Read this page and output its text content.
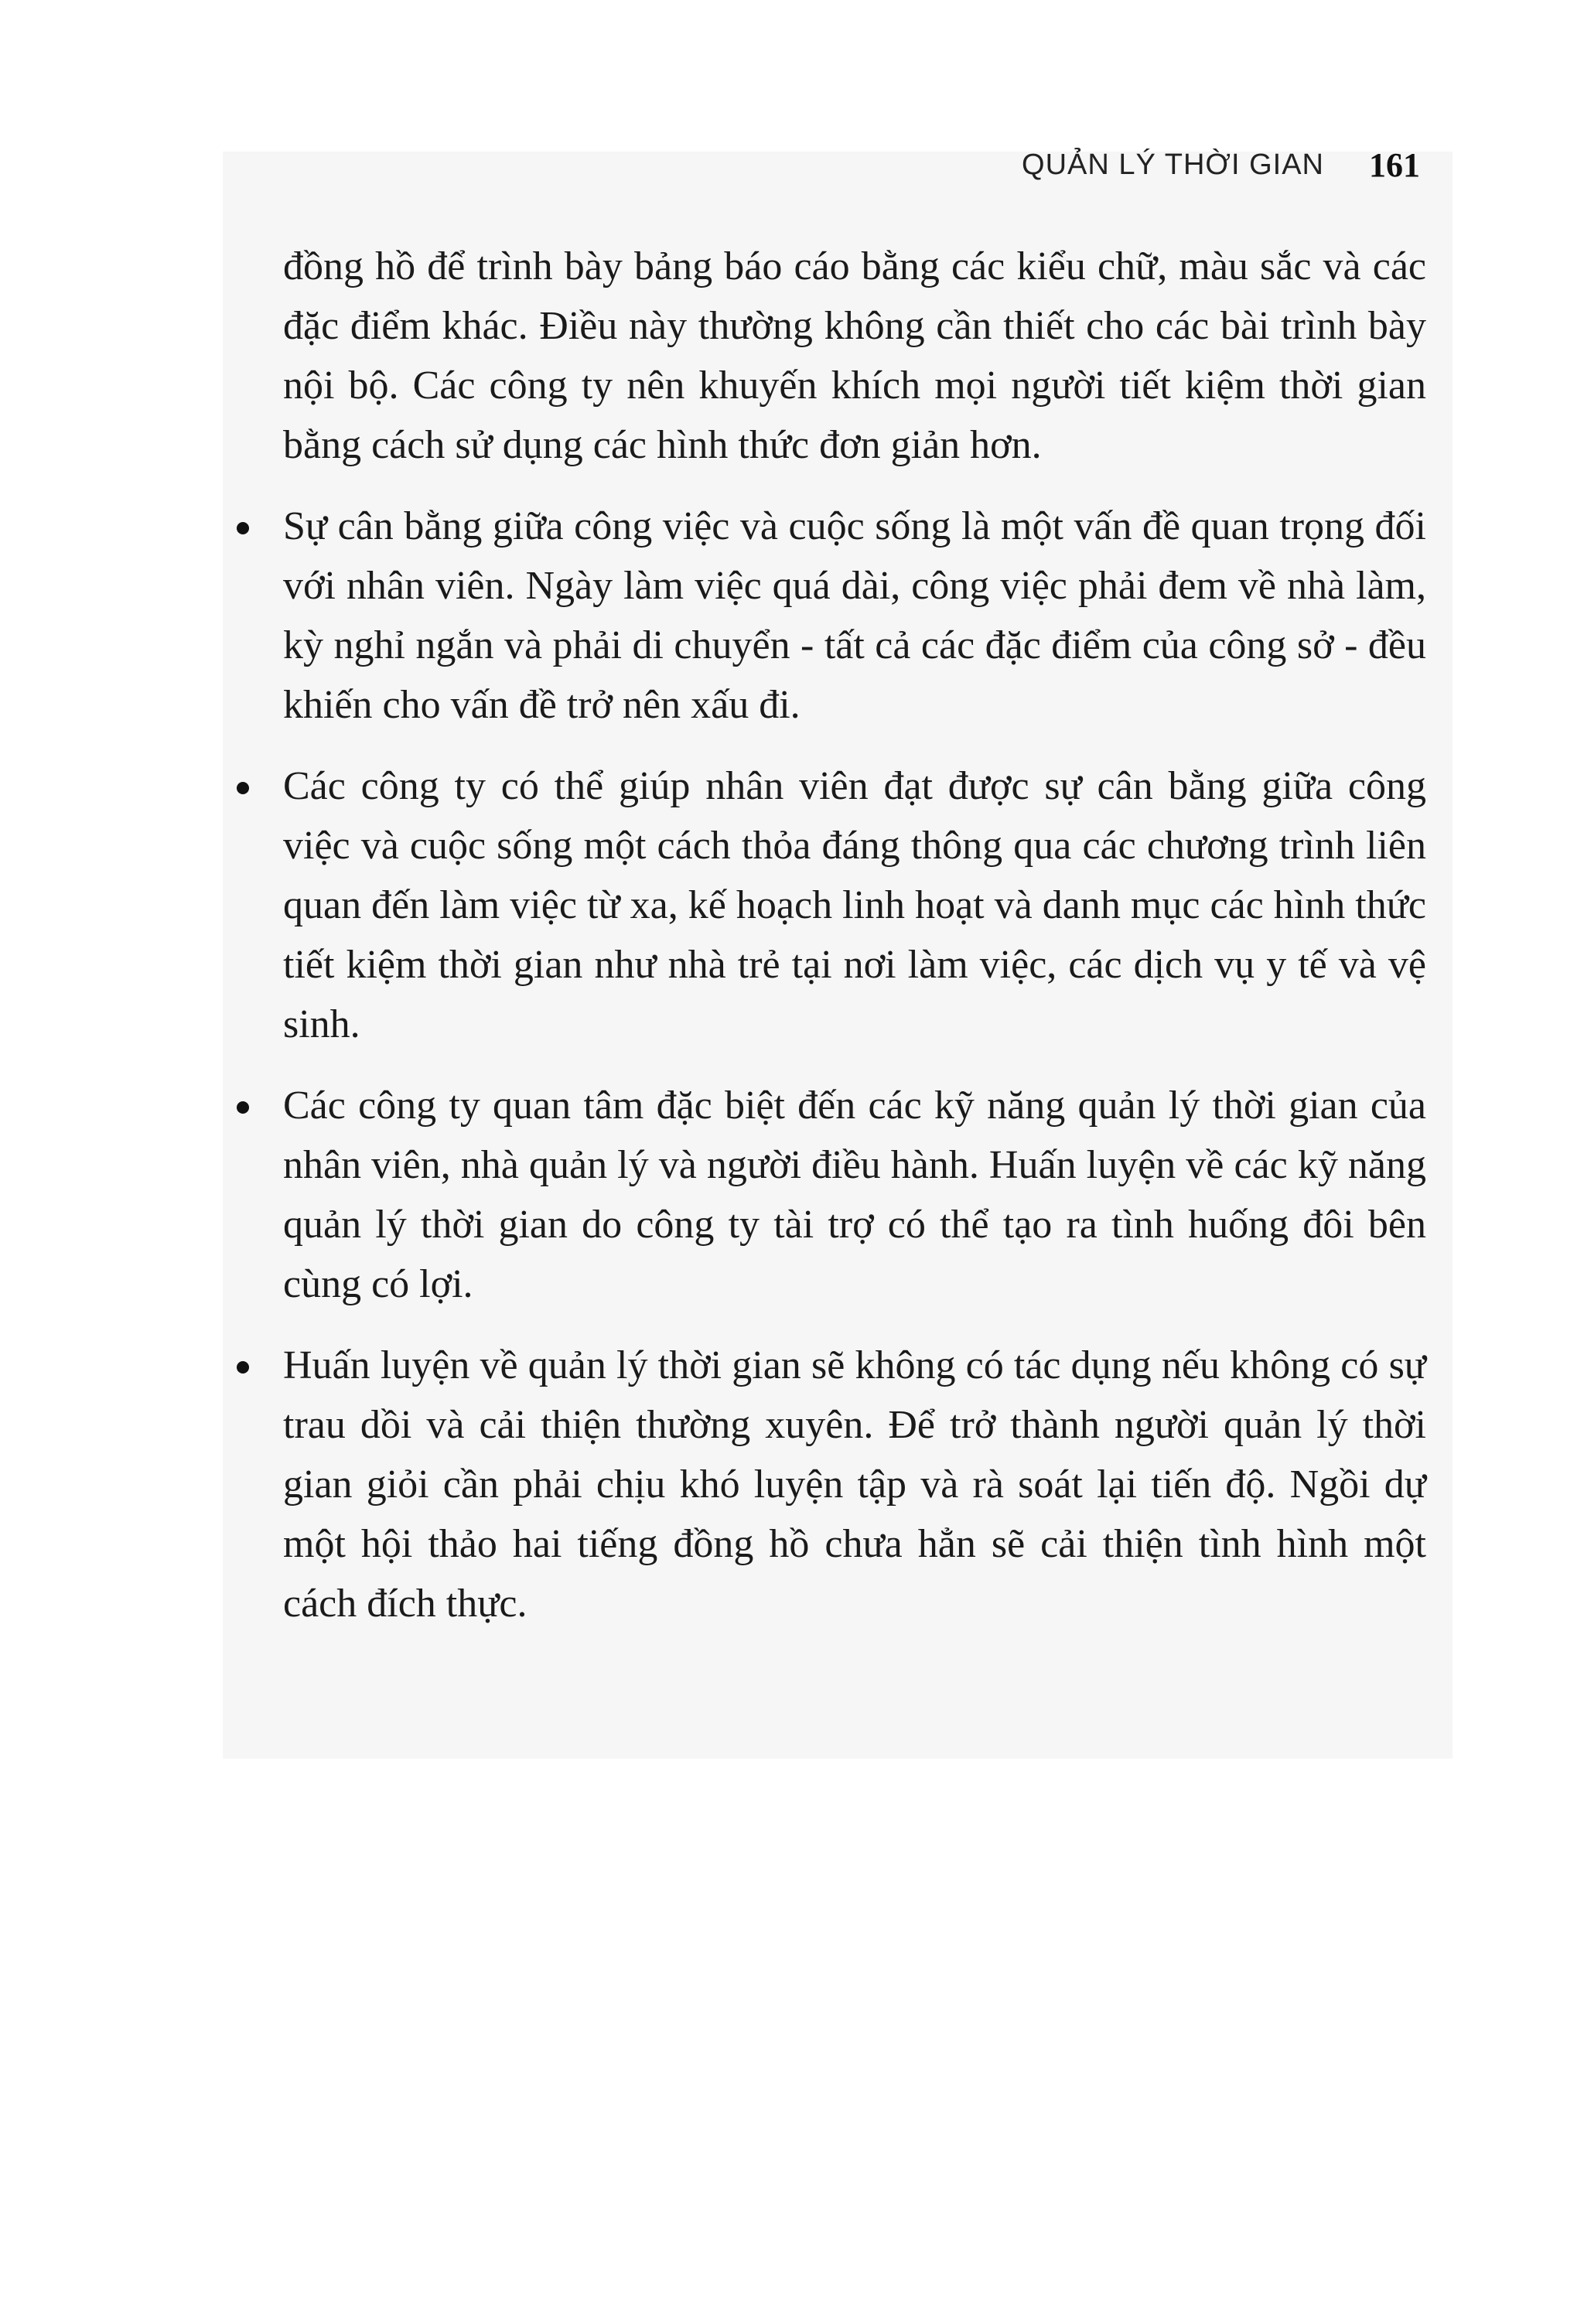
QUẢN LÝ THỜI GIAN 161

đồng hồ để trình bày bảng báo cáo bằng các kiểu chữ, màu sắc và các đặc điểm khác. Điều này thường không cần thiết cho các bài trình bày nội bộ. Các công ty nên khuyến khích mọi người tiết kiệm thời gian bằng cách sử dụng các hình thức đơn giản hơn.

Sự cân bằng giữa công việc và cuộc sống là một vấn đề quan trọng đối với nhân viên. Ngày làm việc quá dài, công việc phải đem về nhà làm, kỳ nghỉ ngắn và phải di chuyển - tất cả các đặc điểm của công sở - đều khiến cho vấn đề trở nên xấu đi.

Các công ty có thể giúp nhân viên đạt được sự cân bằng giữa công việc và cuộc sống một cách thỏa đáng thông qua các chương trình liên quan đến làm việc từ xa, kế hoạch linh hoạt và danh mục các hình thức tiết kiệm thời gian như nhà trẻ tại nơi làm việc, các dịch vụ y tế và vệ sinh.

Các công ty quan tâm đặc biệt đến các kỹ năng quản lý thời gian của nhân viên, nhà quản lý và người điều hành. Huấn luyện về các kỹ năng quản lý thời gian do công ty tài trợ có thể tạo ra tình huống đôi bên cùng có lợi.

Huấn luyện về quản lý thời gian sẽ không có tác dụng nếu không có sự trau dồi và cải thiện thường xuyên. Để trở thành người quản lý thời gian giỏi cần phải chịu khó luyện tập và rà soát lại tiến độ. Ngồi dự một hội thảo hai tiếng đồng hồ chưa hẳn sẽ cải thiện tình hình một cách đích thực.
